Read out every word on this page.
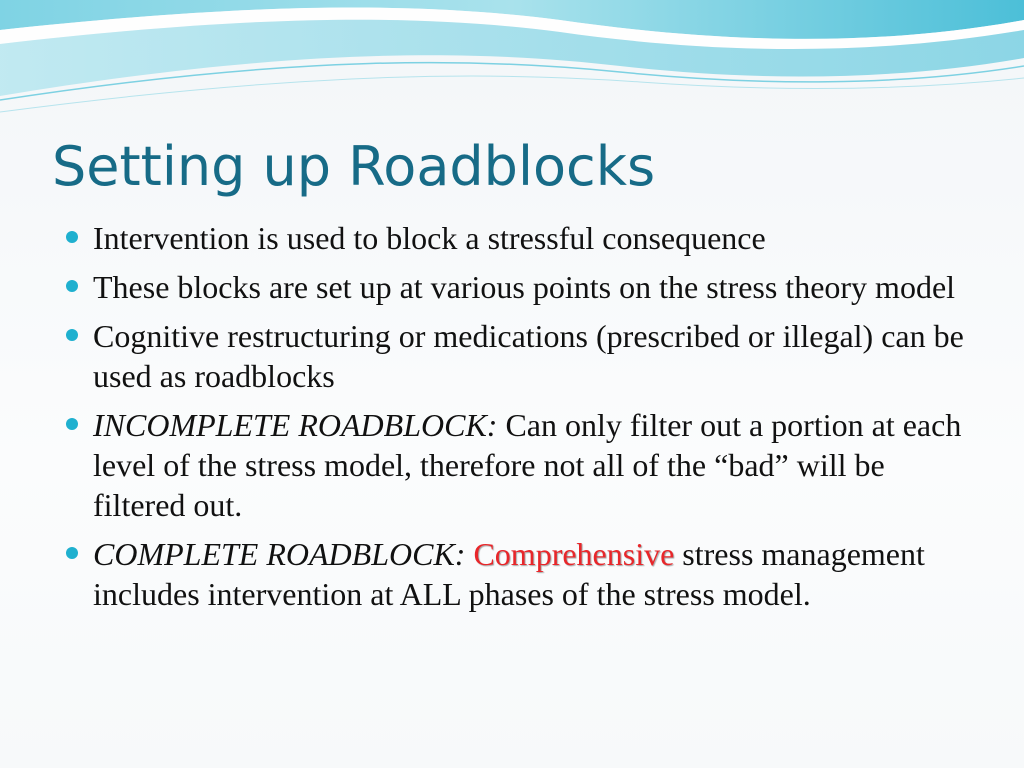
Setting up Roadblocks
Intervention is used to block a stressful consequence
These blocks are set up at various points on the stress theory model
Cognitive restructuring or medications (prescribed or illegal) can be used as roadblocks
INCOMPLETE ROADBLOCK: Can only filter out a portion at each level of the stress model, therefore not all of the “bad” will be filtered out.
COMPLETE ROADBLOCK: Comprehensive stress management includes intervention at ALL phases of the stress model.
